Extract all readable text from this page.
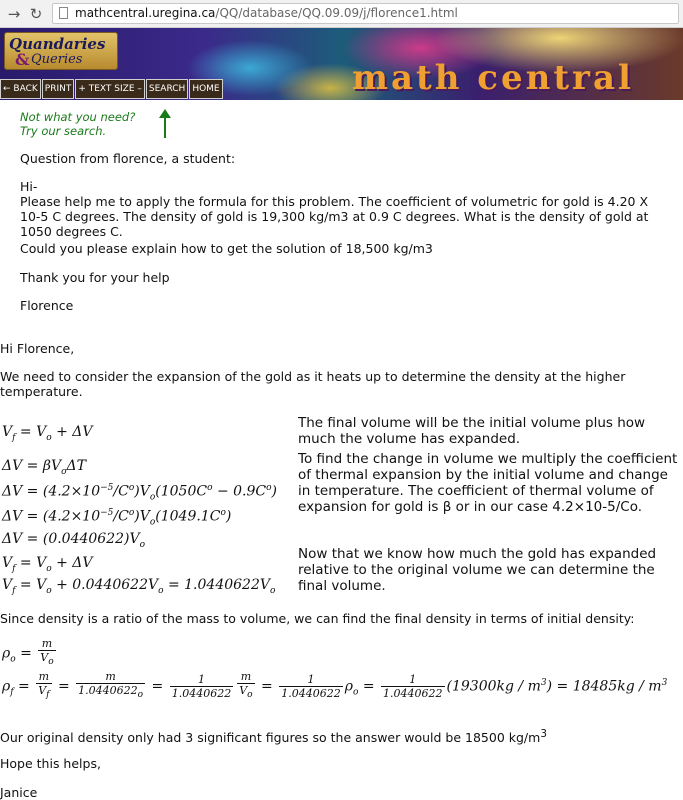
→ ↻	mathcentral.uregina.ca/QQ/database/QQ.09.09/j/florence1.html
Quandaries
& Queries	math central
← BACK PRINT + TEXT SIZE – SEARCH HOME
Not what you need?
Try our search.

Question from florence, a student:

Hi-

Please help me to apply the formula for this problem. The coefficient of volumetric for gold is 4.20 X 10-5 C degrees. The density of gold is 19,300 kg/m3 at 0.9 C degrees. What is the density of gold at 1050 degrees C.

Could you please explain how to get the solution of 18,500 kg/m3

Thank you for your help

Florence

Hi Florence,

We need to consider the expansion of the gold as it heats up to determine the density at the higher temperature.

$V_f = V_o + \Delta V$
$\Delta V = \beta V_o\Delta T$
$\Delta V = (4.2\times 10^{-5}/C^o)V_o(1050C^o - 0.9C^o)$
$\Delta V = (4.2\times 10^{-5}/C^o)V_o(1049.1C^o)$
$\Delta V = (0.0440622)V_o$
$V_f = V_o + \Delta V$
$V_f = V_o + 0.0440622V_o = 1.0440622V_o$

The final volume will be the initial volume plus how much the volume has expanded.

To find the change in volume we multiply the coefficient of thermal expansion by the initial volume and change in temperature. The coefficient of thermal volume of expansion for gold is β or in our case 4.2×10-5/Co.

Now that we know how much the gold has expanded relative to the original volume we can determine the final volume.

Since density is a ratio of the mass to volume, we can find the final density in terms of initial density:

$\rho_o = \frac{m}{V_o}$
$\rho_f = \frac{m}{V_f} = \frac{m}{1.0440622_o} = \frac{1}{1.0440622} \frac{m}{V_o} = \frac{1}{1.0440622} \rho_o = \frac{1}{1.0440622} (19300kg / m^3) = 18485kg / m^3$

Our original density only had 3 significant figures so the answer would be 18500 $kg/m^3$

Hope this helps,

Janice
